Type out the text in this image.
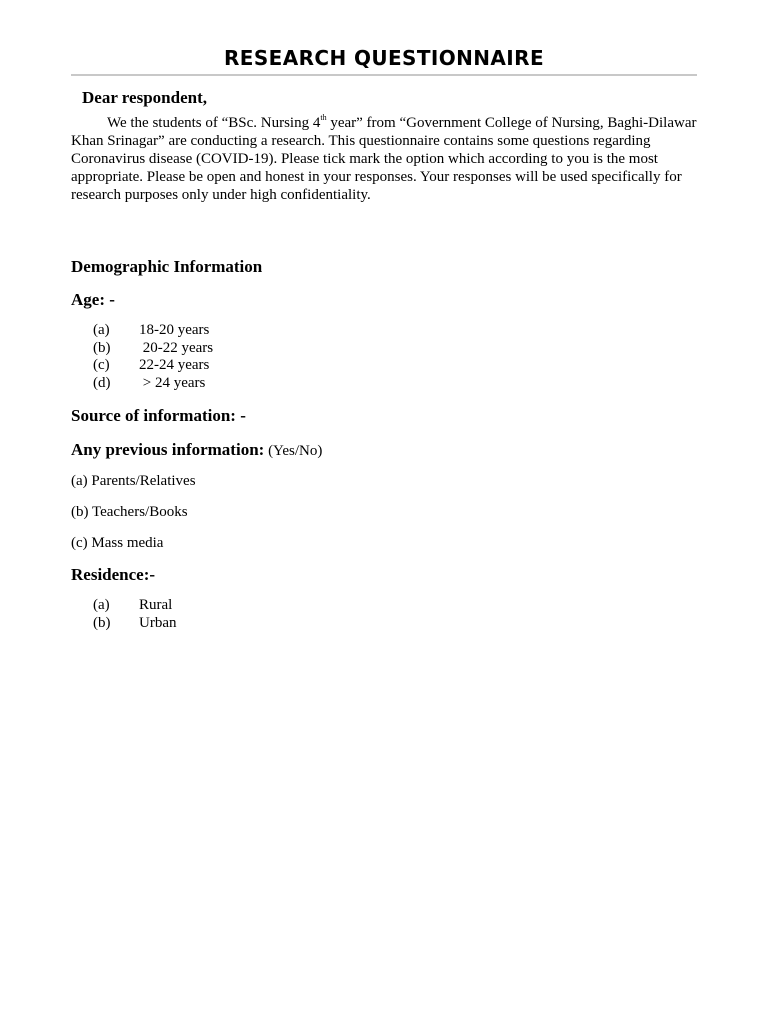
RESEARCH QUESTIONNAIRE

Dear respondent,

We the students of “BSc. Nursing 4th year” from “Government College of Nursing, Baghi-Dilawar Khan Srinagar” are conducting a research. This questionnaire contains some questions regarding Coronavirus disease (COVID-19). Please tick mark the option which according to you is the most appropriate. Please be open and honest in your responses. Your responses will be used specifically for research purposes only under high confidentiality.

Demographic Information
Age: -
(a)	18-20 years
(b)	20-22 years
(c)	22-24 years
(d)	> 24 years
Source of information: -
Any previous information: (Yes/No)

(a) Parents/Relatives

(b) Teachers/Books

(c) Mass media

Residence:-
(a)	Rural
(b)	Urban
